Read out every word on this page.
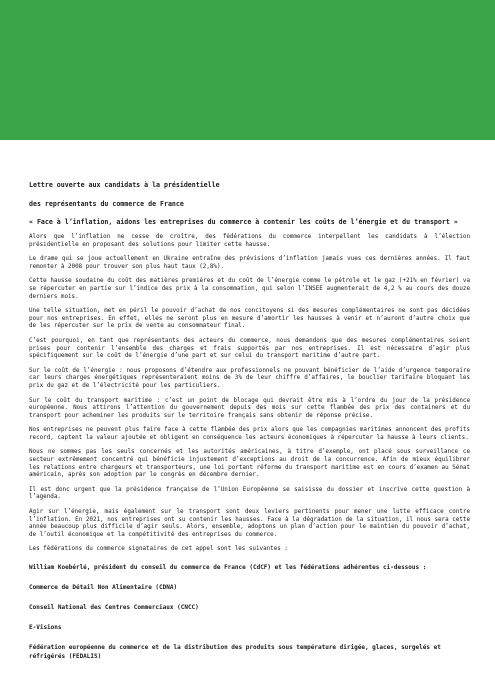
Lettre ouverte aux candidats à la présidentielle

des représentants du commerce de France

« Face à l’inflation, aidons les entreprises du commerce à contenir les coûts de l’énergie et du transport »

Alors que l’inflation ne cesse de croître, des fédérations du commerce interpellent les candidats à l’élection présidentielle en proposant des solutions pour limiter cette hausse.

Le drame qui se joue actuellement en Ukraine entraîne des prévisions d’inflation jamais vues ces dernières années. Il faut remonter à 2008 pour trouver son plus haut taux (2,8%).

Cette hausse soudaine du coût des matières premières et du coût de l’énergie comme le pétrole et le gaz (+21% en février) va se répercuter en partie sur l’indice des prix à la consommation, qui selon l’INSEE augmenterait de 4,2 % au cours des douze derniers mois.

Une telle situation, met en péril le pouvoir d’achat de nos concitoyens si des mesures complémentaires ne sont pas décidées pour nos entreprises. En effet, elles ne seront plus en mesure d’amortir les hausses à venir et n’auront d’autre choix que de les répercuter sur le prix de vente au consommateur final.

C’est pourquoi, en tant que représentants des acteurs du commerce, nous demandons que des mesures complémentaires soient prises pour contenir l’ensemble des charges et frais supportés par nos entreprises. Il est nécessaire d’agir plus spécifiquement sur le coût de l’énergie d’une part et sur celui du transport maritime d’autre part.

Sur le coût de l’énergie : nous proposons d’étendre aux professionnels ne pouvant bénéficier de l’aide d’urgence temporaire car leurs charges énergétiques représenteraient moins de 3% de leur chiffre d’affaires, le bouclier tarifaire bloquant les prix du gaz et de l’électricité pour les particuliers.

Sur le coût du transport maritime : c’est un point de blocage qui devrait être mis à l’ordre du jour de la présidence européenne. Nous attirons l’attention du gouvernement depuis des mois sur cette flambée des prix des containers et du transport pour acheminer les produits sur le territoire français sans obtenir de réponse précise.

Nos entreprises ne peuvent plus faire face à cette flambée des prix alors que les compagnies maritimes annoncent des profits record, captent la valeur ajoutée et obligent en conséquence les acteurs économiques à répercuter la hausse à leurs clients.

Nous ne sommes pas les seuls concernés et les autorités américaines, à titre d’exemple, ont placé sous surveillance ce secteur extrêmement concentré qui bénéficie injustement d’exceptions au droit de la concurrence. Afin de mieux équilibrer les relations entre chargeurs et transporteurs, une loi portant réforme du transport maritime est en cours d’examen au Sénat américain, après son adoption par le congrès en décembre dernier.

Il est donc urgent que la présidence française de l’Union Européenne se saisisse du dossier et inscrive cette question à l’agenda.

Agir sur l’énergie, mais également sur le transport sont deux leviers pertinents pour mener une lutte efficace contre l’inflation. En 2021, nos entreprises ont su contenir les hausses. Face à la dégradation de la situation, il nous sera cette année beaucoup plus difficile d’agir seuls. Alors, ensemble, adoptons un plan d’action pour le maintien du pouvoir d’achat, de l’outil économique et la compétitivité des entreprises du commerce.

Les fédérations du commerce signataires de cet appel sont les suivantes :

William Koebérlé, président du conseil du commerce de France (CdCF) et les fédérations adhérentes ci-dessous :

Commerce de Détail Non Alimentaire (CDNA)

Conseil National des Centres Commerciaux (CNCC)

E-Visions

Fédération européenne du commerce et de la distribution des produits sous température dirigée, glaces, surgelés et réfrigérés (FEDALIS)
